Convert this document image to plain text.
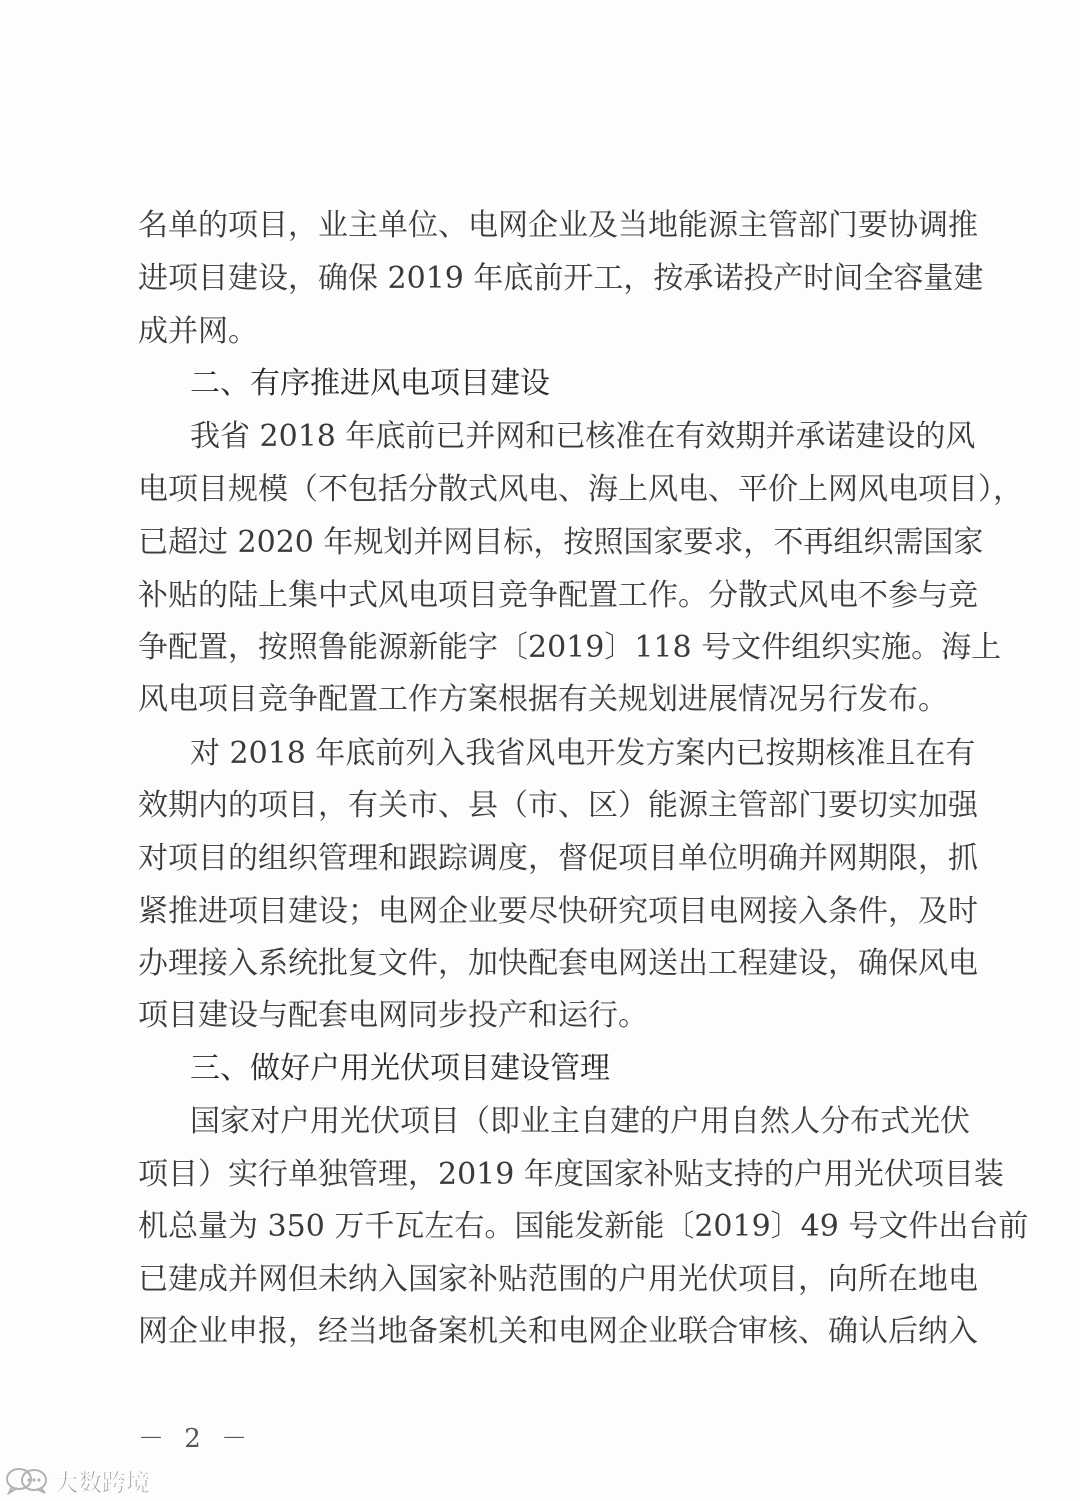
名单的项目，业主单位、电网企业及当地能源主管部门要协调推
进项目建设，确保 2019 年底前开工，按承诺投产时间全容量建
成并网。
二、有序推进风电项目建设
我省 2018 年底前已并网和已核准在有效期并承诺建设的风
电项目规模（不包括分散式风电、海上风电、平价上网风电项目），
已超过 2020 年规划并网目标，按照国家要求，不再组织需国家
补贴的陆上集中式风电项目竞争配置工作。分散式风电不参与竞
争配置，按照鲁能源新能字〔2019〕118 号文件组织实施。海上
风电项目竞争配置工作方案根据有关规划进展情况另行发布。
对 2018 年底前列入我省风电开发方案内已按期核准且在有
效期内的项目，有关市、县（市、区）能源主管部门要切实加强
对项目的组织管理和跟踪调度，督促项目单位明确并网期限，抓
紧推进项目建设；电网企业要尽快研究项目电网接入条件，及时
办理接入系统批复文件，加快配套电网送出工程建设，确保风电
项目建设与配套电网同步投产和运行。
三、做好户用光伏项目建设管理
国家对户用光伏项目（即业主自建的户用自然人分布式光伏
项目）实行单独管理，2019 年度国家补贴支持的户用光伏项目装
机总量为 350 万千瓦左右。国能发新能〔2019〕49 号文件出台前
已建成并网但未纳入国家补贴范围的户用光伏项目，向所在地电
网企业申报，经当地备案机关和电网企业联合审核、确认后纳入
－ 2 －
大数跨境
